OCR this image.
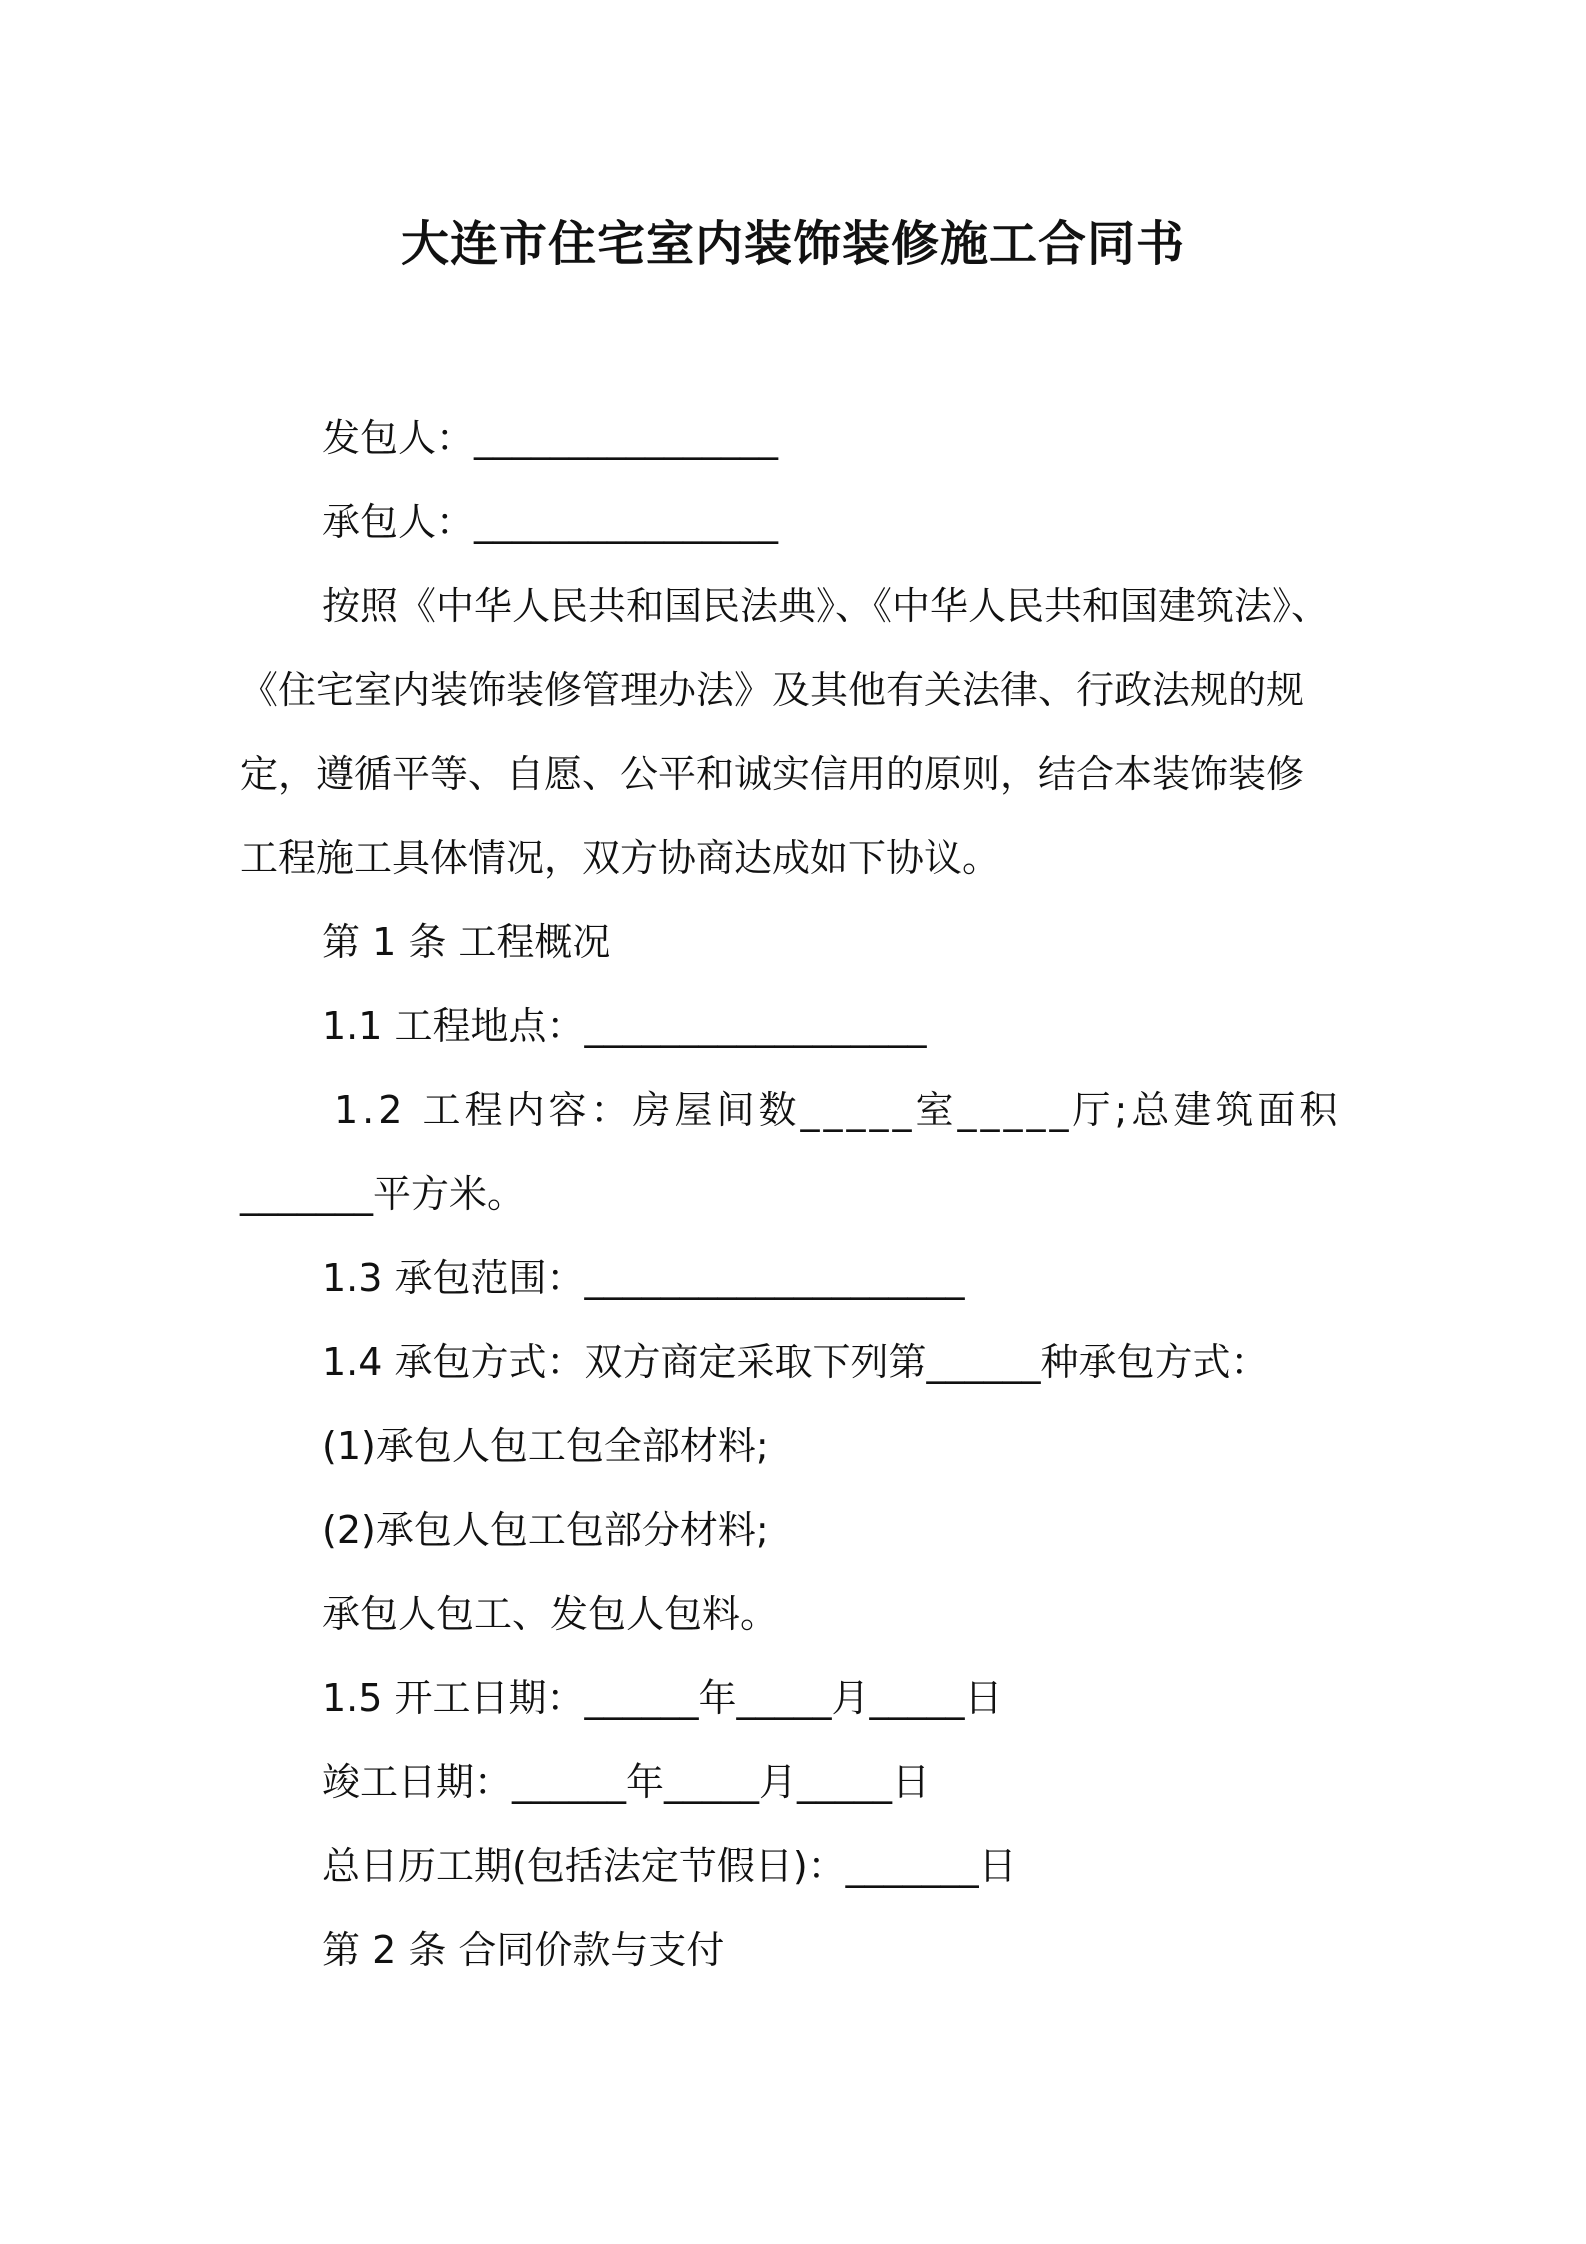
大连市住宅室内装饰装修施工合同书
发包人：________________
承包人：________________
按照《中华人民共和国民法典》、《中华人民共和国建筑法》、
《住宅室内装饰装修管理办法》及其他有关法律、行政法规的规
定，遵循平等、自愿、公平和诚实信用的原则，结合本装饰装修
工程施工具体情况，双方协商达成如下协议。
第 1 条 工程概况
1.1 工程地点：__________________
1.2 工程内容：房屋间数_____室_____厅;总建筑面积
_______平方米。
1.3 承包范围：____________________
1.4 承包方式：双方商定采取下列第______种承包方式：
(1)承包人包工包全部材料;
(2)承包人包工包部分材料;
承包人包工、发包人包料。
1.5 开工日期：______年_____月_____日
竣工日期：______年_____月_____日
总日历工期(包括法定节假日)：_______日
第 2 条 合同价款与支付
